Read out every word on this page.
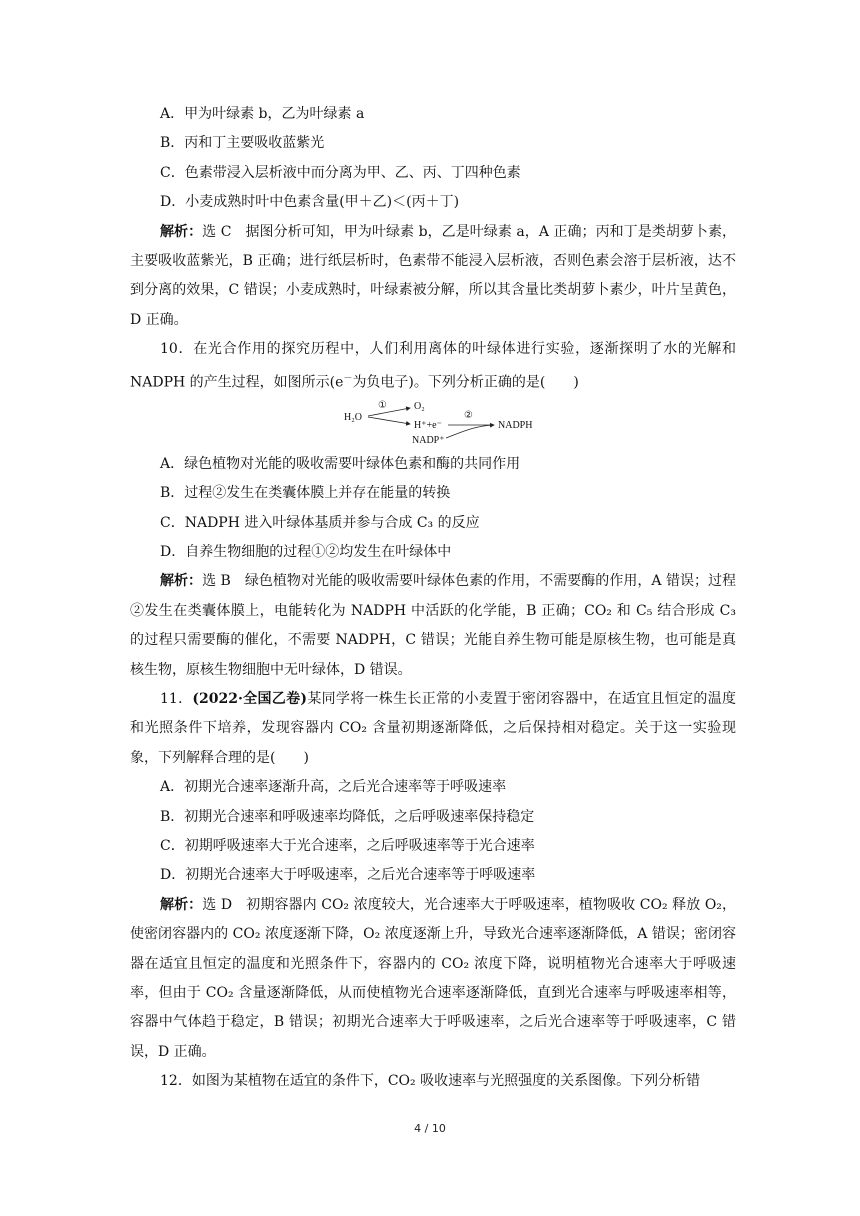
A．甲为叶绿素 b，乙为叶绿素 a

B．丙和丁主要吸收蓝紫光

C．色素带浸入层析液中而分离为甲、乙、丙、丁四种色素

D．小麦成熟时叶中色素含量(甲＋乙)＜(丙＋丁)

解析：选 C　据图分析可知，甲为叶绿素 b，乙是叶绿素 a，A 正确；丙和丁是类胡萝卜素，主要吸收蓝紫光，B 正确；进行纸层析时，色素带不能浸入层析液，否则色素会溶于层析液，达不到分离的效果，C 错误；小麦成熟时，叶绿素被分解，所以其含量比类胡萝卜素少，叶片呈黄色，D 正确。

10．在光合作用的探究历程中，人们利用离体的叶绿体进行实验，逐渐探明了水的光解和 NADPH 的产生过程，如图所示(e－为负电子)。下列分析正确的是(　　)

H₂O
①	O₂
H⁺+e⁻
NADP⁺
②
NADPH

A．绿色植物对光能的吸收需要叶绿体色素和酶的共同作用

B．过程②发生在类囊体膜上并存在能量的转换

C．NADPH 进入叶绿体基质并参与合成 C₃ 的反应

D．自养生物细胞的过程①②均发生在叶绿体中

解析：选 B　绿色植物对光能的吸收需要叶绿体色素的作用，不需要酶的作用，A 错误；过程②发生在类囊体膜上，电能转化为 NADPH 中活跃的化学能，B 正确；CO₂ 和 C₅ 结合形成 C₃ 的过程只需要酶的催化，不需要 NADPH，C 错误；光能自养生物可能是原核生物，也可能是真核生物，原核生物细胞中无叶绿体，D 错误。

11．(2022·全国乙卷)某同学将一株生长正常的小麦置于密闭容器中，在适宜且恒定的温度和光照条件下培养，发现容器内 CO₂ 含量初期逐渐降低，之后保持相对稳定。关于这一实验现象，下列解释合理的是(　　)

A．初期光合速率逐渐升高，之后光合速率等于呼吸速率

B．初期光合速率和呼吸速率均降低，之后呼吸速率保持稳定

C．初期呼吸速率大于光合速率，之后呼吸速率等于光合速率

D．初期光合速率大于呼吸速率，之后光合速率等于呼吸速率

解析：选 D　初期容器内 CO₂ 浓度较大，光合速率大于呼吸速率，植物吸收 CO₂ 释放 O₂，使密闭容器内的 CO₂ 浓度逐渐下降，O₂ 浓度逐渐上升，导致光合速率逐渐降低，A 错误；密闭容器在适宜且恒定的温度和光照条件下，容器内的 CO₂ 浓度下降，说明植物光合速率大于呼吸速率，但由于 CO₂ 含量逐渐降低，从而使植物光合速率逐渐降低，直到光合速率与呼吸速率相等，容器中气体趋于稳定，B 错误；初期光合速率大于呼吸速率，之后光合速率等于呼吸速率，C 错误，D 正确。

12．如图为某植物在适宜的条件下，CO₂ 吸收速率与光照强度的关系图像。下列分析错

4 / 10
